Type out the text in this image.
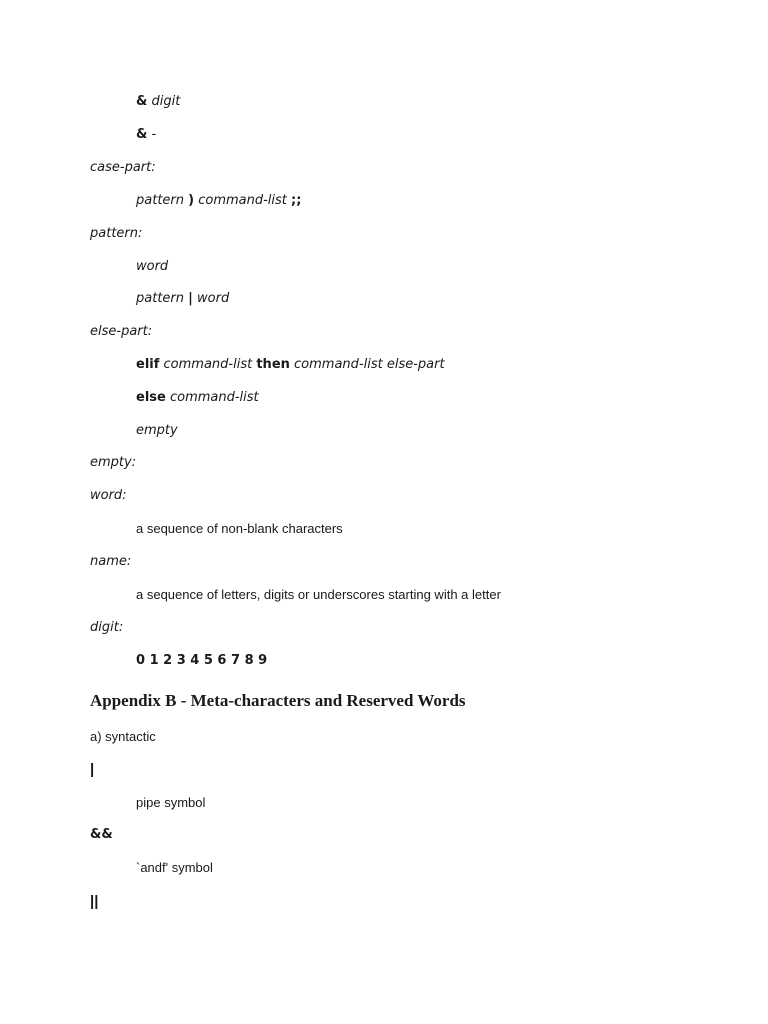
& digit
& -
case-part:
pattern ) command-list ;;
pattern:
word
pattern | word
else-part:
elif command-list then command-list else-part
else command-list
empty
empty:
word:
a sequence of non-blank characters
name:
a sequence of letters, digits or underscores starting with a letter
digit:
0 1 2 3 4 5 6 7 8 9
Appendix B - Meta-characters and Reserved Words
a) syntactic
|
pipe symbol
&&
`andf' symbol
||
